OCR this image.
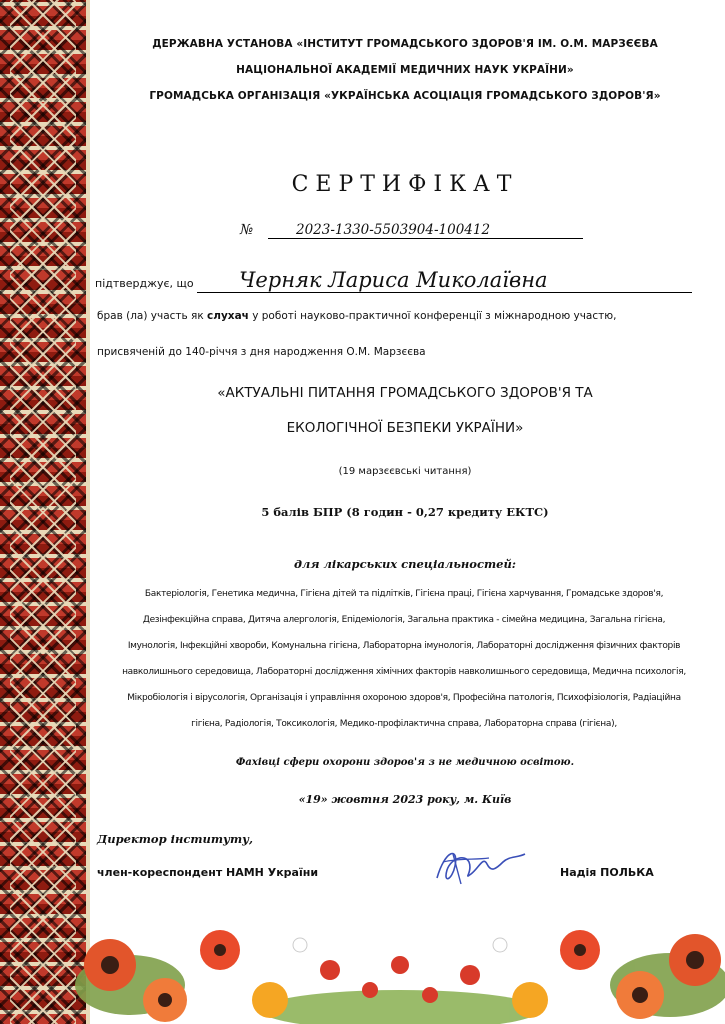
ДЕРЖАВНА УСТАНОВА «ІНСТИТУТ ГРОМАДСЬКОГО ЗДОРОВ'Я ІМ. О.М. МАРЗЄЄВА
НАЦІОНАЛЬНОЇ АКАДЕМІЇ МЕДИЧНИХ НАУК УКРАЇНИ»
ГРОМАДСЬКА ОРГАНІЗАЦІЯ «УКРАЇНСЬКА АСОЦІАЦІЯ ГРОМАДСЬКОГО ЗДОРОВ'Я»
СЕРТИФІКАТ
№	2023-1330-5503904-100412
підтверджує, що Черняк Лариса Миколаївна
брав (ла) участь як слухач у роботі науково-практичної конференції з міжнародною участю,
присвяченій до 140-річчя з дня народження О.М. Марзєєва
«АКТУАЛЬНІ ПИТАННЯ ГРОМАДСЬКОГО ЗДОРОВ'Я ТА
ЕКОЛОГІЧНОЇ БЕЗПЕКИ УКРАЇНИ»
(19 марзєєвські читання)
5 балів БПР (8 годин - 0,27 кредиту ЕКТС)
для лікарських спеціальностей:
Бактеріологія, Генетика медична, Гігієна дітей та підлітків, Гігієна праці, Гігієна харчування, Громадське здоров'я,
Дезінфекційна справа, Дитяча алергологія, Епідеміологія, Загальна практика - сімейна медицина, Загальна гігієна,
Імунологія, Інфекційні хвороби, Комунальна гігієна, Лабораторна імунологія, Лабораторні дослідження фізичних факторів
навколишнього середовища, Лабораторні дослідження хімічних факторів навколишнього середовища, Медична психологія,
Мікробіологія і вірусологія, Організація і управління охороною здоров'я, Професійна патологія, Психофізіологія, Радіаційна
гігієна, Радіологія, Токсикологія, Медико-профілактична справа, Лабораторна справа (гігієна),
Фахівці сфери охорони здоров'я з не медичною освітою.
«19» жовтня 2023 року, м. Київ
Директор інституту,
член-кореспондент НАМН України	Надія ПОЛЬКА
